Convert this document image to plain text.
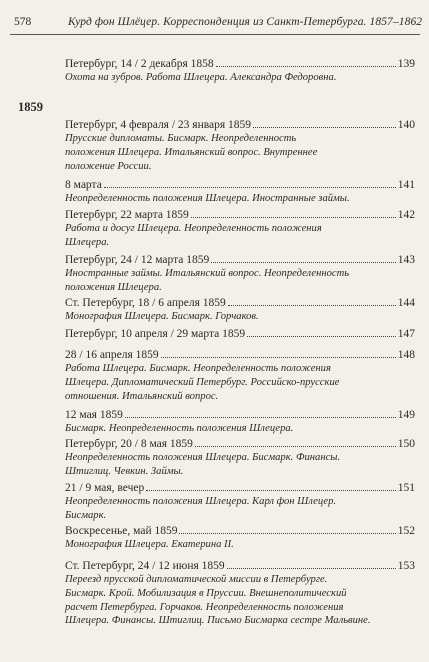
578	Курд фон Шлёцер. Корреспонденция из Санкт-Петербурга. 1857–1862
1859
Петербург, 14 / 2 декабря 1858	139
Охота на зубров. Работа Шлецера. Александра Федоровна.
Петербург, 4 февраля / 23 января 1859	140
Прусские дипломаты. Бисмарк. Неопределенность
положения Шлецера. Итальянский вопрос. Внутреннее
положение России.
8 марта	141
Неопределенность положения Шлецера. Иностранные займы.
Петербург, 22 марта 1859	142
Работа и досуг Шлецера. Неопределенность положения
Шлецера.
Петербург, 24 / 12 марта 1859	143
Иностранные займы. Итальянский вопрос. Неопределенность
положения Шлецера.
Ст. Петербург, 18 / 6 апреля 1859	144
Монография Шлецера. Бисмарк. Горчаков.
Петербург, 10 апреля / 29 марта 1859	147
28 / 16 апреля 1859	148
Работа Шлецера. Бисмарк. Неопределенность положения
Шлецера. Дипломатический Петербург. Российско-прусские
отношения. Итальянский вопрос.
12 мая 1859	149
Бисмарк. Неопределенность положения Шлецера.
Петербург, 20 / 8 мая 1859	150
Неопределенность положения Шлецера. Бисмарк. Финансы.
Штиглиц. Чевкин. Займы.
21 / 9 мая, вечер	151
Неопределенность положения Шлецера. Карл фон Шлецер.
Бисмарк.
Воскресенье, май 1859	152
Монография Шлецера. Екатерина II.
Ст. Петербург, 24 / 12 июня 1859	153
Переезд прусской дипломатической миссии в Петербурге.
Бисмарк. Крой. Мобилизация в Пруссии. Внешнеполитический
расчет Петербурга. Горчаков. Неопределенность положения
Шлецера. Финансы. Штиглиц. Письмо Бисмарка сестре Мальвине.
